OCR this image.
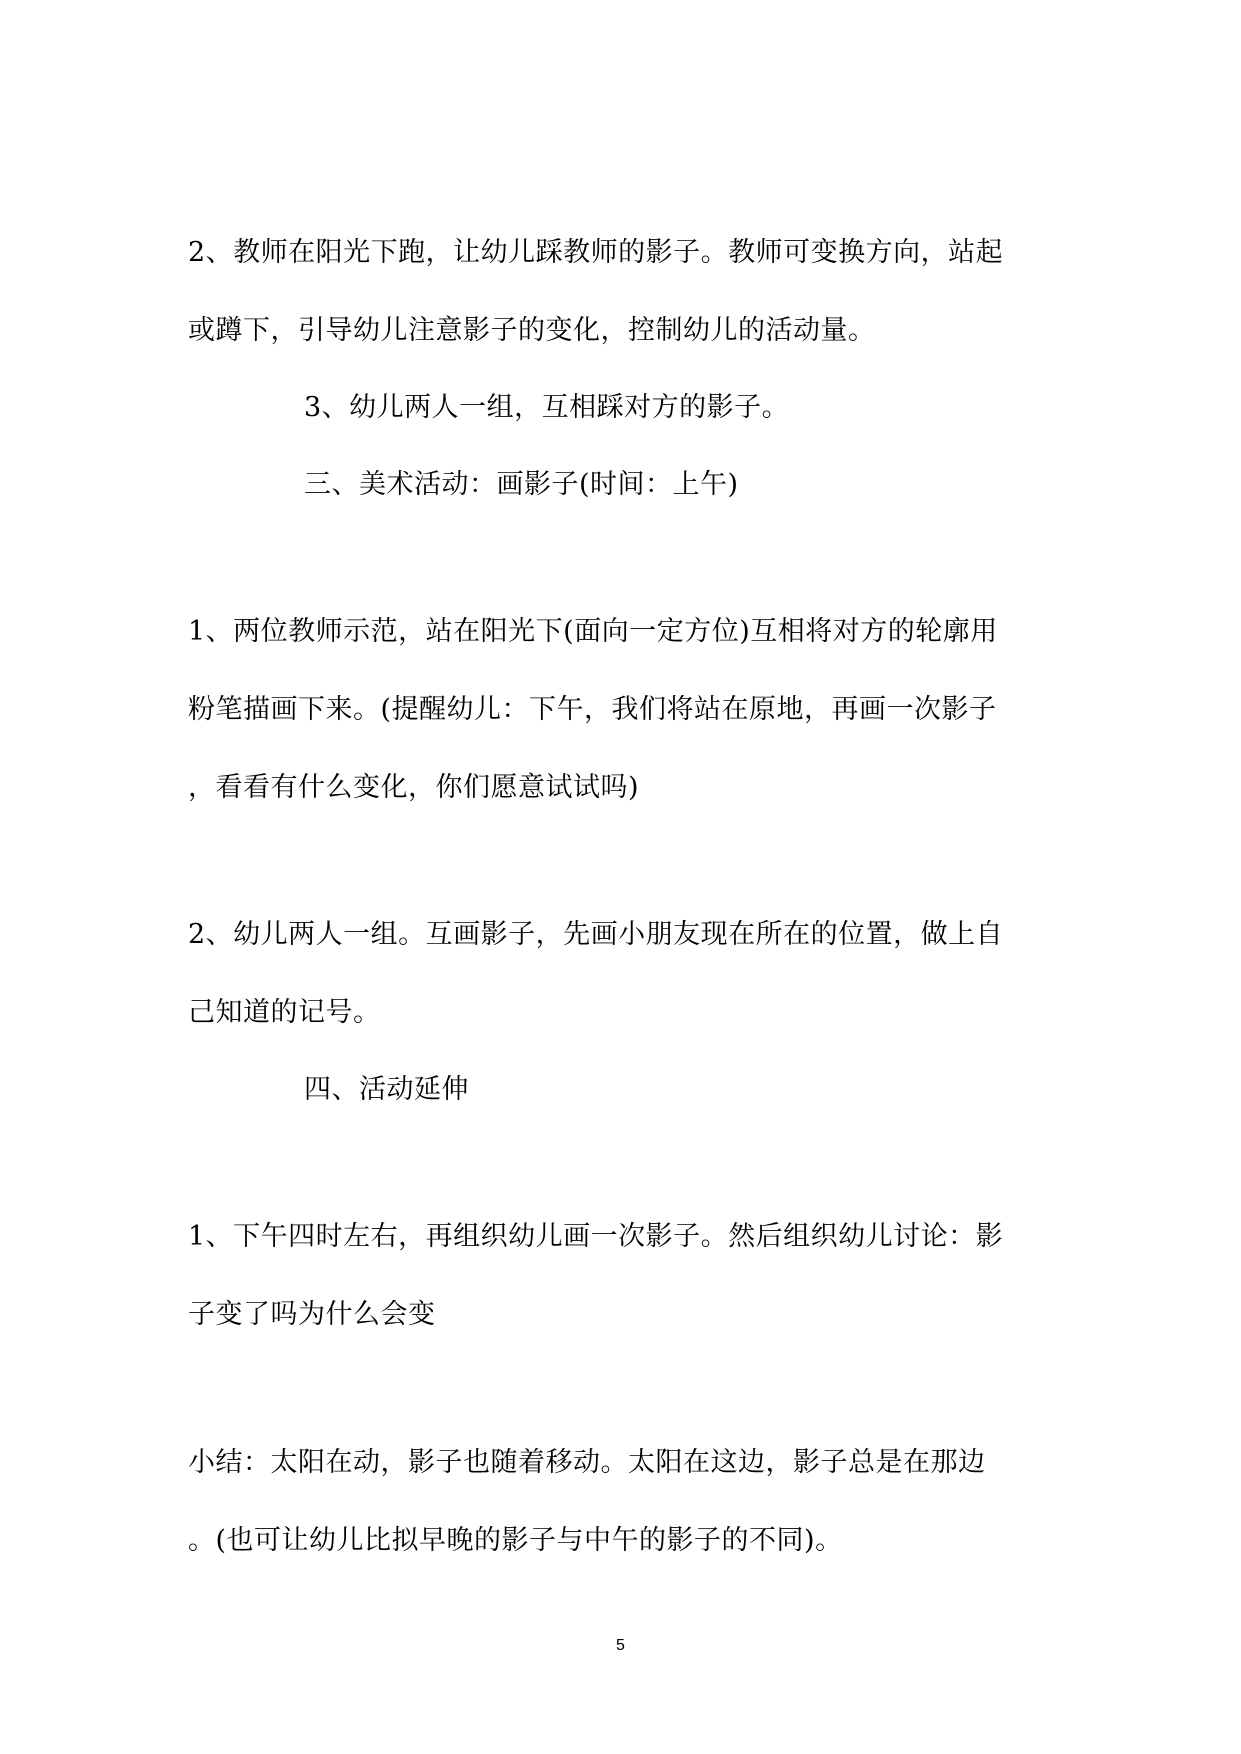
2、教师在阳光下跑，让幼儿踩教师的影子。教师可变换方向，站起
或蹲下，引导幼儿注意影子的变化，控制幼儿的活动量。
3、幼儿两人一组，互相踩对方的影子。
三、美术活动：画影子(时间：上午)
1、两位教师示范，站在阳光下(面向一定方位)互相将对方的轮廓用
粉笔描画下来。(提醒幼儿：下午，我们将站在原地，再画一次影子
，看看有什么变化，你们愿意试试吗)
2、幼儿两人一组。互画影子，先画小朋友现在所在的位置，做上自
己知道的记号。
四、活动延伸
1、下午四时左右，再组织幼儿画一次影子。然后组织幼儿讨论：影
子变了吗为什么会变
小结：太阳在动，影子也随着移动。太阳在这边，影子总是在那边
。(也可让幼儿比拟早晚的影子与中午的影子的不同)。
5
